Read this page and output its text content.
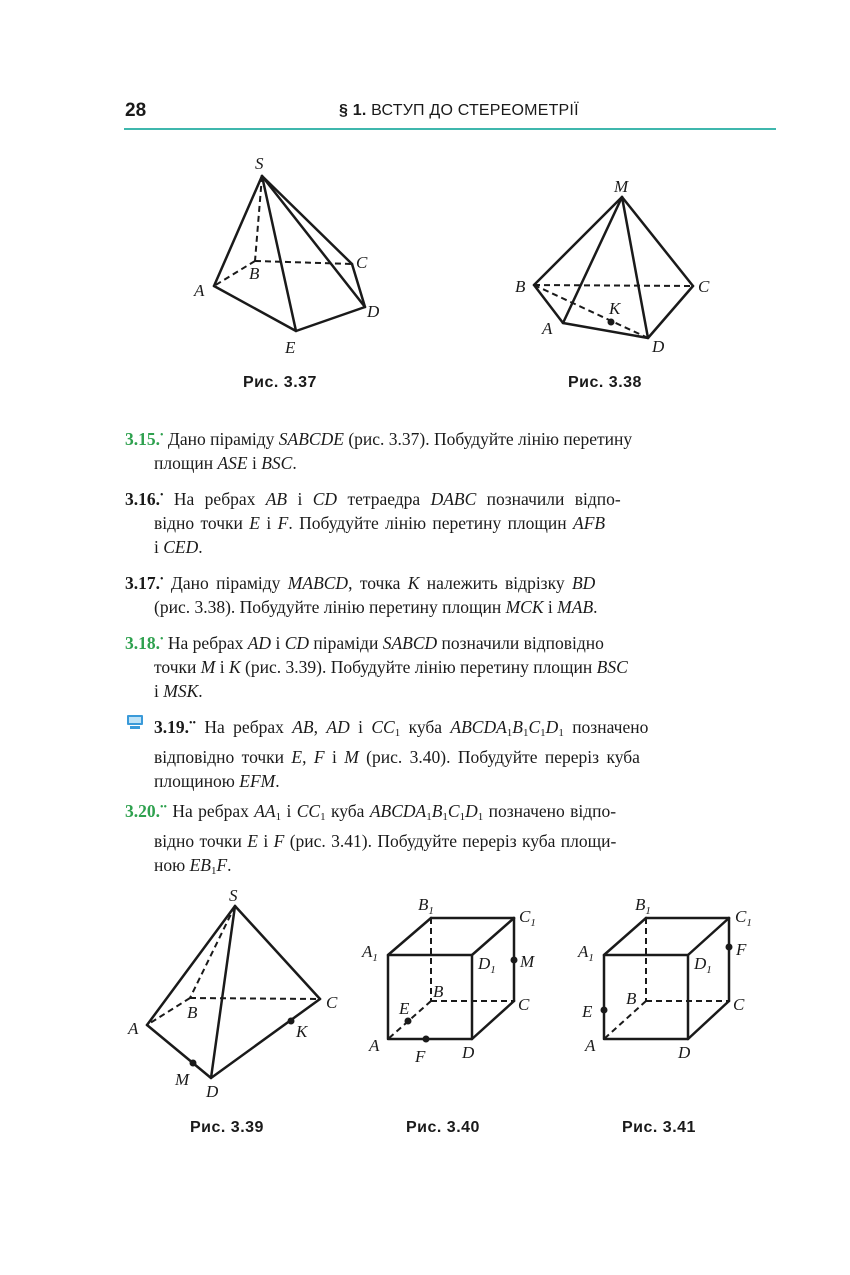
28	§ 1. ВСТУП ДО СТЕРЕОМЕТРІЇ
S
A
B
C
D
E
M
B	C
A
K
D
Рис. 3.37	Рис. 3.38
3.15.• Дано піраміду SABCDE (рис. 3.37). Побудуйте лінію перетину
площин ASE і BSC.
3.16.• На ребрах AB і CD тетраедра DABC позначили відпо-
відно точки E і F. Побудуйте лінію перетину площин AFB
і CED.
3.17.• Дано піраміду MABCD, точка K належить відрізку BD
(рис. 3.38). Побудуйте лінію перетину площин MCK і MAB.
3.18.• На ребрах AD і CD піраміди SABCD позначили відповідно
точки M і K (рис. 3.39). Побудуйте лінію перетину площин BSC
і MSK.
3.19.•• На ребрах AB, AD і $CC_1$ куба $ABCDA_1B_1C_1D_1$ позначено
відповідно точки E, F і M (рис. 3.40). Побудуйте переріз куба
площиною EFM.
3.20.•• На ребрах $AA_1$ і $CC_1$ куба $ABCDA_1B_1C_1D_1$ позначено відпо-
відно точки E і F (рис. 3.41). Побудуйте переріз куба площи-
ною $EB_1F$.
S
A
B
C
K
M
D
$B_1$	$C_1$
$A_1$	$D_1$ M
E
B
C
A
F D
$B_1$	$C_1$
$A_1$	$D_1$
F
E
B	C
A	D
Рис. 3.39	Рис. 3.40	Рис. 3.41
